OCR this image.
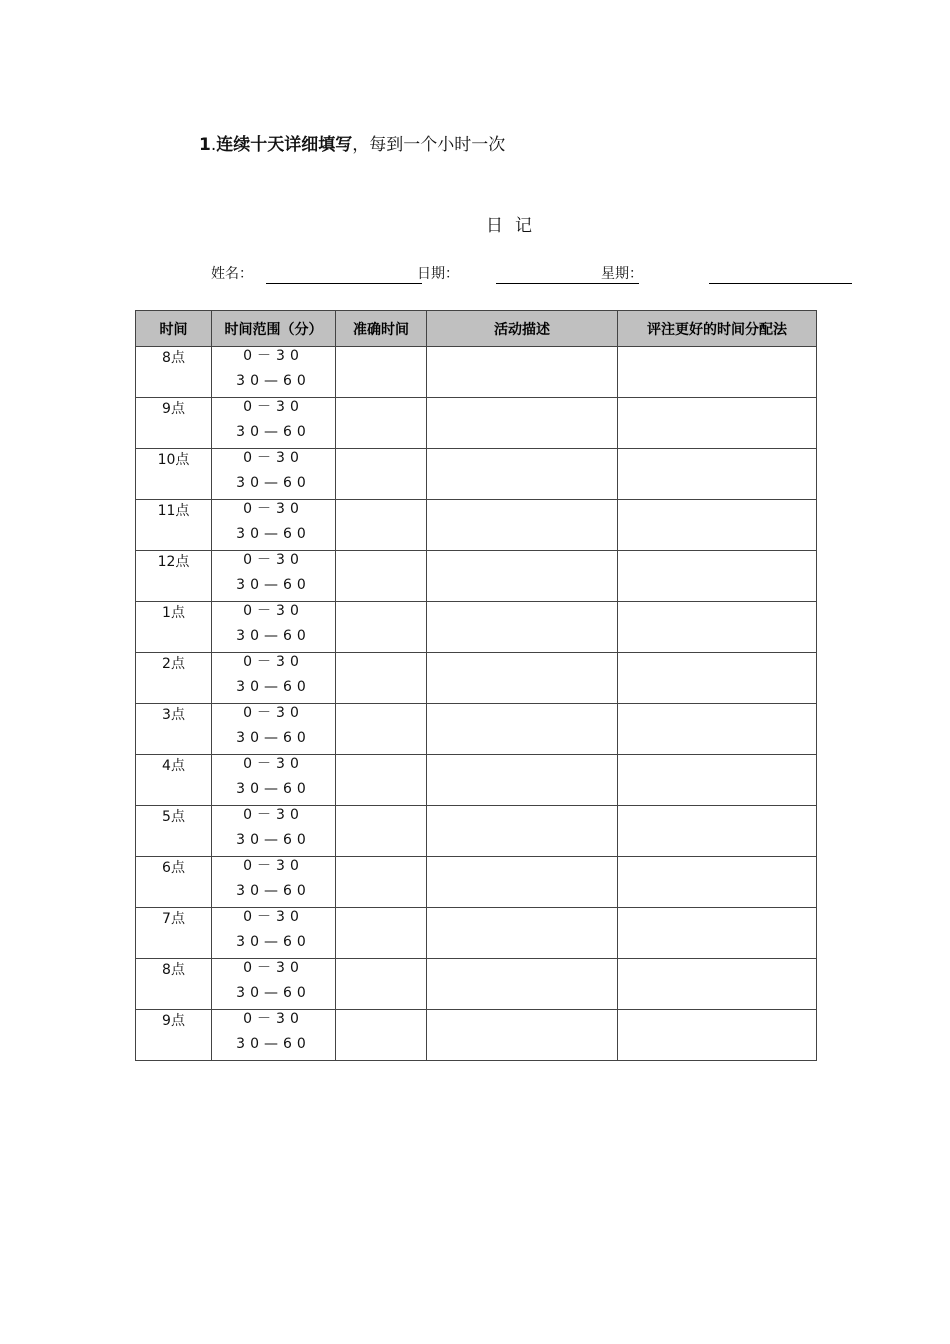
1.连续十天详细填写，每到一个小时一次
日记
姓名：	日期：	星期：
时间	时间范围（分）	准确时间	活动描述	评注更好的时间分配法
8点	0－30
30—60			

9点	0－30
30—60			

10点	0－30
30—60			

11点	0－30
30—60			

12点	0－30
30—60			

1点	0－30
30—60			

2点	0－30
30—60			

3点	0－30
30—60			

4点	0－30
30—60			

5点	0－30
30—60			

6点	0－30
30—60			

7点	0－30
30—60			

8点	0－30
30—60			

9点	0－30
30—60			
